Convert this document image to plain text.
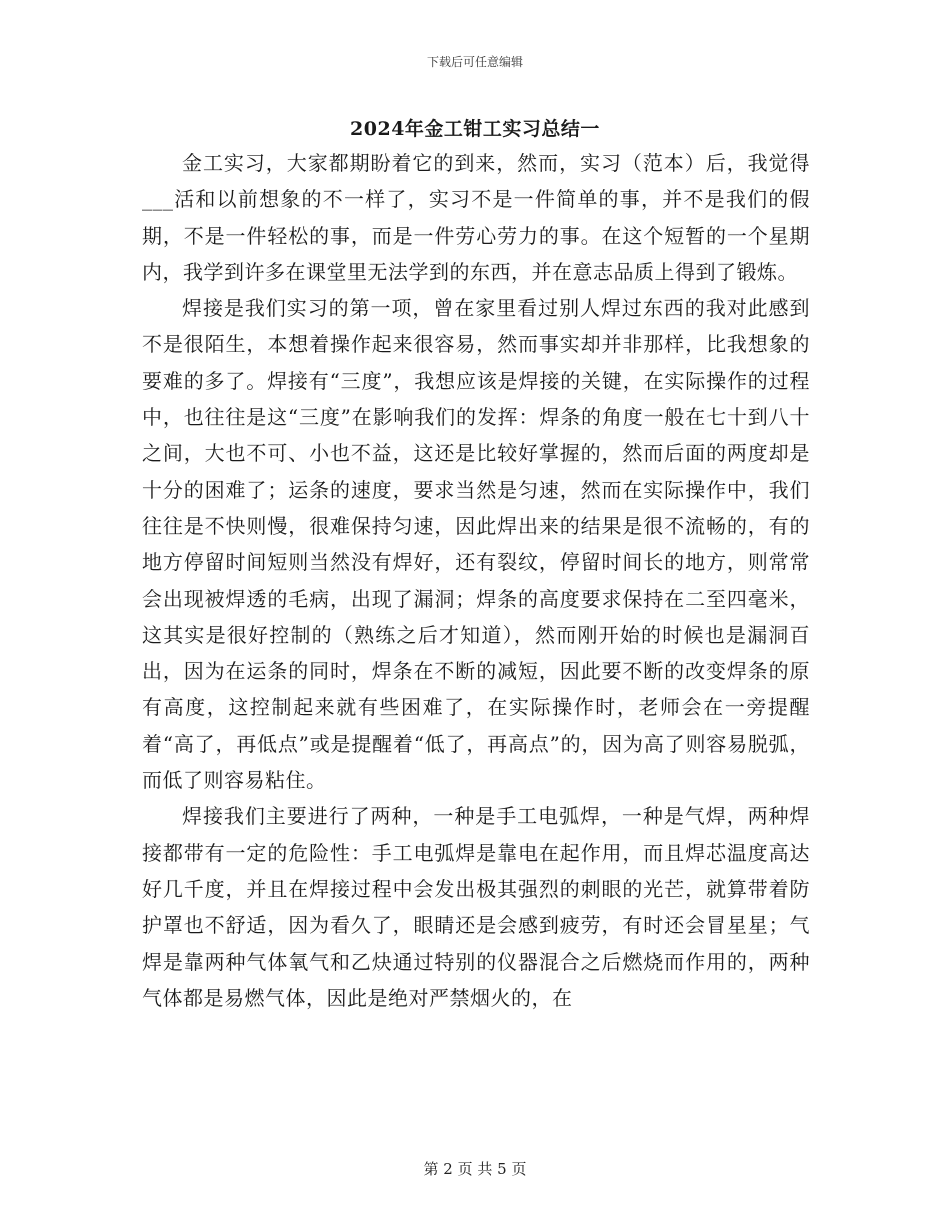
下载后可任意编辑
2024年金工钳工实习总结一

金工实习，大家都期盼着它的到来，然而，实习（范本）后，我觉得___活和以前想象的不一样了，实习不是一件简单的事，并不是我们的假期，不是一件轻松的事，而是一件劳心劳力的事。在这个短暂的一个星期内，我学到许多在课堂里无法学到的东西，并在意志品质上得到了锻炼。

焊接是我们实习的第一项，曾在家里看过别人焊过东西的我对此感到不是很陌生，本想着操作起来很容易，然而事实却并非那样，比我想象的要难的多了。焊接有“三度”，我想应该是焊接的关键，在实际操作的过程中，也往往是这“三度”在影响我们的发挥：焊条的角度一般在七十到八十之间，大也不可、小也不益，这还是比较好掌握的，然而后面的两度却是十分的困难了；运条的速度，要求当然是匀速，然而在实际操作中，我们往往是不快则慢，很难保持匀速，因此焊出来的结果是很不流畅的，有的地方停留时间短则当然没有焊好，还有裂纹，停留时间长的地方，则常常会出现被焊透的毛病，出现了漏洞；焊条的高度要求保持在二至四毫米，这其实是很好控制的（熟练之后才知道），然而刚开始的时候也是漏洞百出，因为在运条的同时，焊条在不断的减短，因此要不断的改变焊条的原有高度，这控制起来就有些困难了，在实际操作时，老师会在一旁提醒着“高了，再低点”或是提醒着“低了，再高点”的，因为高了则容易脱弧，而低了则容易粘住。

焊接我们主要进行了两种，一种是手工电弧焊，一种是气焊，两种焊接都带有一定的危险性：手工电弧焊是靠电在起作用，而且焊芯温度高达好几千度，并且在焊接过程中会发出极其强烈的刺眼的光芒，就算带着防护罩也不舒适，因为看久了，眼睛还是会感到疲劳，有时还会冒星星；气焊是靠两种气体氧气和乙炔通过特别的仪器混合之后燃烧而作用的，两种气体都是易燃气体，因此是绝对严禁烟火的，在

第 2 页 共 5 页
